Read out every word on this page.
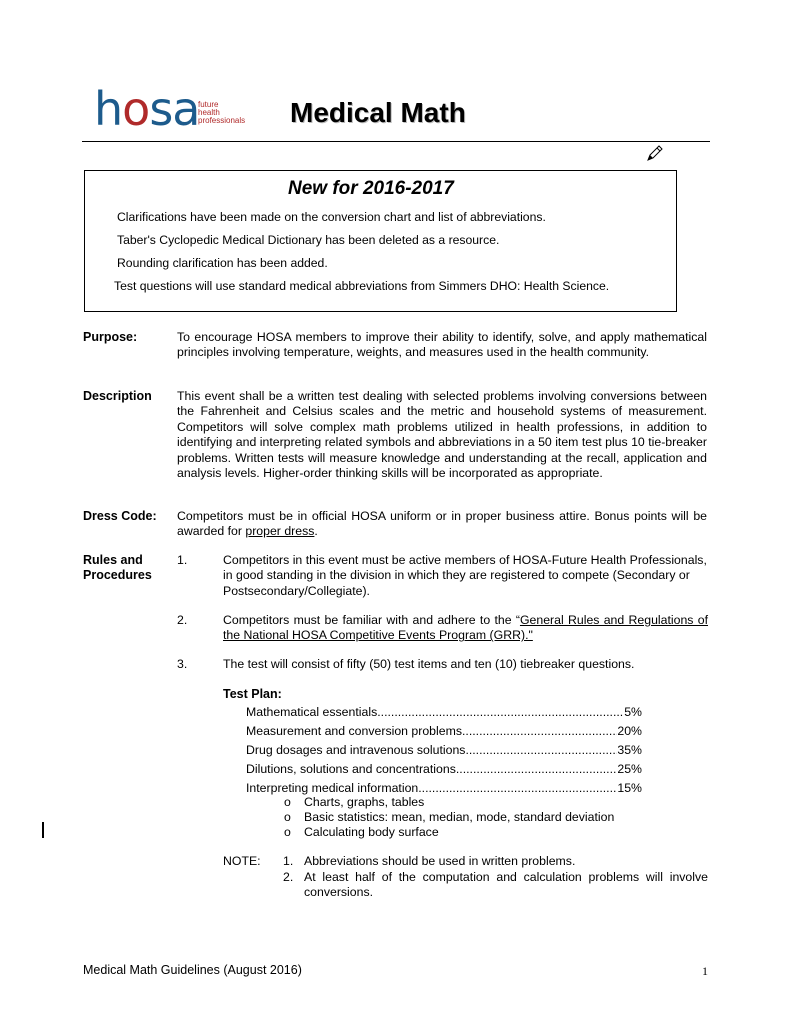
hosa
future
health
professionals Medical Math
New for 2016-2017
Clarifications have been made on the conversion chart and list of abbreviations.
Taber's Cyclopedic Medical Dictionary has been deleted as a resource.
Rounding clarification has been added.
Test questions will use standard medical abbreviations from Simmers DHO: Health Science.
Purpose:	To encourage HOSA members to improve their ability to identify, solve, and apply mathematical principles involving temperature, weights, and measures used in the health community.
Description This event shall be a written test dealing with selected problems involving conversions between the Fahrenheit and Celsius scales and the metric and household systems of measurement. Competitors will solve complex math problems utilized in health professions, in addition to identifying and interpreting related symbols and abbreviations in a 50 item test plus 10 tie-breaker problems. Written tests will measure knowledge and understanding at the recall, application and analysis levels. Higher-order thinking skills will be incorporated as appropriate.
Dress Code: Competitors must be in official HOSA uniform or in proper business attire. Bonus points will be awarded for proper dress.
Rules and
Procedures
1.	Competitors in this event must be active members of HOSA-Future Health Professionals, in good standing in the division in which they are registered to compete (Secondary or Postsecondary/Collegiate).
2.	Competitors must be familiar with and adhere to the “General Rules and Regulations of the National HOSA Competitive Events Program (GRR)."
3.	The test will consist of fifty (50) test items and ten (10) tiebreaker questions.
Test Plan:
Mathematical essentials .....	5%
Measurement and conversion problems .....	20%
Drug dosages and intravenous solutions .....	35%
Dilutions, solutions and concentrations .....	25%
Interpreting medical information .....	15%
o Charts, graphs, tables
o Basic statistics: mean, median, mode, standard deviation
o Calculating body surface
NOTE: 1. Abbreviations should be used in written problems.
2. At least half of the computation and calculation problems will involve conversions.
Medical Math Guidelines (August 2016)	1
